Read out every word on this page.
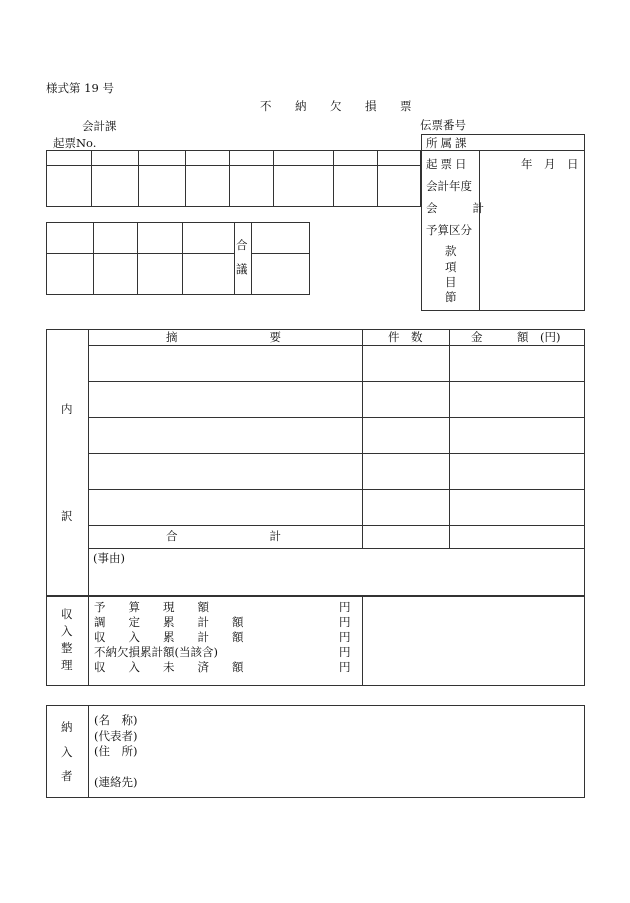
様式第 19 号
不　納　欠　損　票
会計課
起票No.
伝票番号
所属課
起票日	年　月　日
会計年度
会　　計
予算区分
款
項
目
節
合
議
摘　　　　　　　　要	件　数	金　　　額　(円)
内
訳
合　　　　　　　　計
(事由)
収
入
整
理
予　　算　　現　　額	円
調　　定　　累　　計　　額	円
収　　入　　累　　計　　額	円
不納欠損累計額(当該含)	円
収　　入　　未　　済　　額	円
納
入
者
(名　称)
(代表者)
(住　所)
(連絡先)
